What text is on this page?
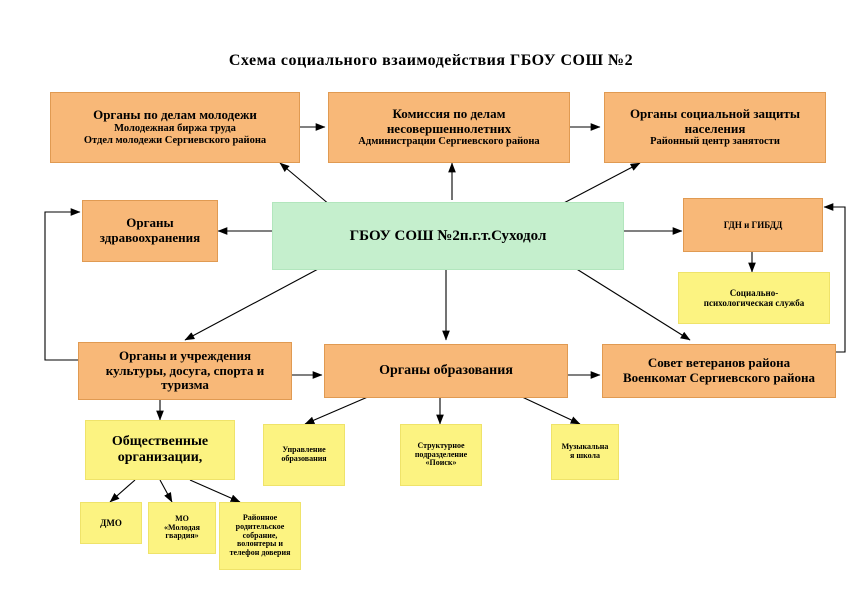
Схема социального взаимодействия ГБОУ СОШ №2
Органы по делам молодежи
Молодежная биржа труда
Отдел молодежи Сергиевского района
Комиссия по делам
несовершеннолетних
Администрации Сергиевского района
Органы социальной защиты
населения
Районный центр занятости
Органы
здравоохранения	ГБОУ СОШ №2п.г.т.Суходол
ГДН и ГИБДД
Социально-
психологическая служба
Органы и учреждения
культуры, досуга, спорта и
туризма
Органы образования
Совет ветеранов района
Военкомат Сергиевского района
Общественные
организации,
Управление
образования
Структурное
подразделение
«Поиск»
Музыкальна
я школа
ДМО	МО
«Молодая
гвардия»
Районное
родительское
собрание,
волонтеры и
телефон доверия
